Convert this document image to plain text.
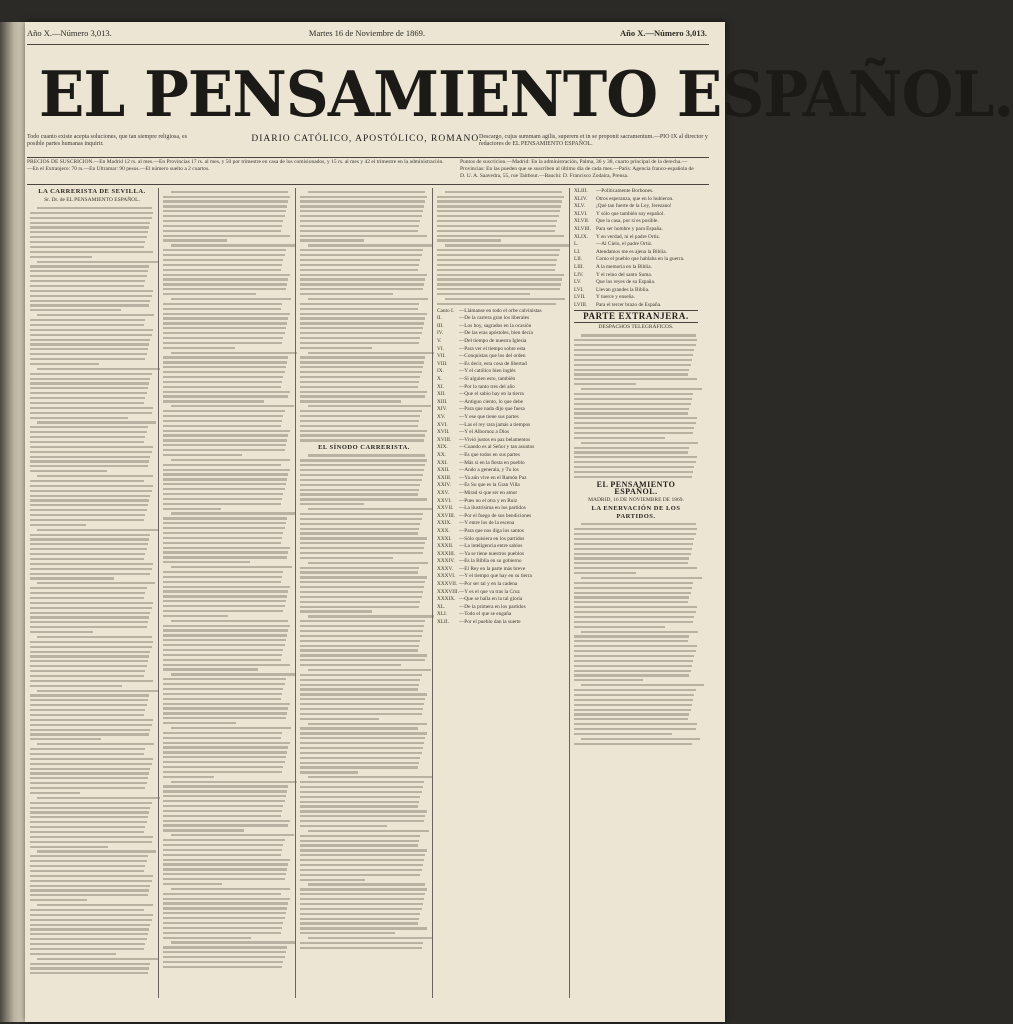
Año X.—Número 3,013.	Martes 16 de Noviembre de 1869.	Año X.—Número 3,013.
EL PENSAMIENTO ESPAÑOL.
Todo cuanto existe acepta soluciones, que tan siempre religiosa, es posible partes humanas inquirir.	DIARIO CATÓLICO, APOSTÓLICO, ROMANO.
Descargo, cujus summam agilis, superem et in se proponit sacramentum.—PIO IX al director y redactores de EL PENSAMIENTO ESPAÑOL.
PRECIOS DE SUSCRICION.—En Madrid 12 rs. al mes.—En Provincias 17 rs. al mes, y 50 por trimestre en casa de los comisionados, y 15 rs. al mes y 42 el trimestre en la administración.—En el Extranjero: 70 rs.—En Ultramar: 90 pesos.—El número suelto a 2 cuartos.
Puntos de suscricion.—Madrid: En la administración, Palma, 36 y 38, cuarto principal de la derecha.—Provincias: En las pueden que se suscriben al último día de cada mes.—París: Agencia franco-española de D. U. A. Saavedra, 55, rue Taitbout.—Bauchi: D. Francisco Zodaira, Prensa.

LA CARRERISTA DE SEVILLA.

Sr. Dr. de EL PENSAMIENTO ESPAÑOL.

EL SÍNODO CARRERISTA.

Canto I. —Llámanse en todo el orbe calvinistas
II.	—De la carrera gran los liberales
III.	—Los hoy, sagrados en la ocasión
IV.	—De las eras apóstoles, bien decía
V.	—Del tiempo de nuestra Iglesia
VI.	—Para ver el tiempo sobre esta
VII.	—Conquistas que los del orden
VIII.	—Es decir, esta cosa de libertad
IX.	—Y el católico bien inglés
X.	—Si alguien esto, también
XI.	—Por lo tanto tres del año
XII.	—Que el sabio hay en la tierra
XIII.	—Antiguo ciento, lo que debe
XIV.	—Para que nada dijo que fuera
XV.	—Y ese que tiene sus partes
XVI.	—Las el rey rara jamás a tiempos
XVII.	—Y el Albornoz a Dios
XVIII.	—Vivió justos en paz belamentos
XIX.	—Cuando es al Señor y tan asuntos
XX.	—Es que todos en sus partes
XXI.	—Más si en la fiesta en pueblo
XXII.	—Ando a generala, y Tu los
XXIII.	—Ya aún vive en el Ramón Paz
XXIV.	—Es Su que es la Gran Villa
XXV.	—Mirad si que ser en amor
XXVI.	—Pues no el otra y en Ruiz
XXVII.	—La ilustrísima en los partidos
XXVIII. —Por el fuego de sus bendiciones
XXIX.	—Y entre los de la escena
XXX.	—Para que nos diga los santos
XXXI.	—Sólo quisiera en los partidos
XXXII.	—La inteligencia entre sabios
XXXIII. —Ya se tiene nuestros pueblos
XXXIV. —Es la Biblia en su gobierno
XXXV.	—El Rey en la parte más breve
XXXVI. —Y el tiempo que hay en su tierra
XXXVII. —Por ser tal y en la cadena
XXXVIII. —Y es el que va tras la Cruz
XXXIX. —Que se halla en la tal gloria
XL.	—De la primera en los partidos
XLI.	—Todo el que se engaña
XLII.	—Por el pueblo dan la suerte
XLIII.	—Políticamente Borbones.
XLIV.	Otros esperanza, que en lo hubieron.
XLV.	¡Qué tan fuerte de la Ley, Jerezano!
XLVI.	Y sólo que también soy español.
XLVII.	Que la casa, por si es posible.
XLVIII. Para ser hombre y para España.
XLIX.	Y en verdad, ni el padre Ortiz.
L.	—Al Cielo, el padre Ortiz.
LI.	Atendamos me es ajena la Biblia.
LII.	Como el pueblo que hablaba en la guerra.
LIII.	A la memoria en la Biblia.
LIV.	Y el reino del santo Suma.
LV.	Que los reyes de su España.
LVI.	Llevan grandes la Biblia.
LVII.	Y tuerce y enseña.
LVIII.	Para el tercer brazo de España.

PARTE EXTRANJERA.

DESPACHOS TELEGRÁFICOS.

EL PENSAMIENTO ESPAÑOL.

MADRID, 16 DE NOVIEMBRE DE 1869.

LA ENERVACIÓN DE LOS PARTIDOS.
